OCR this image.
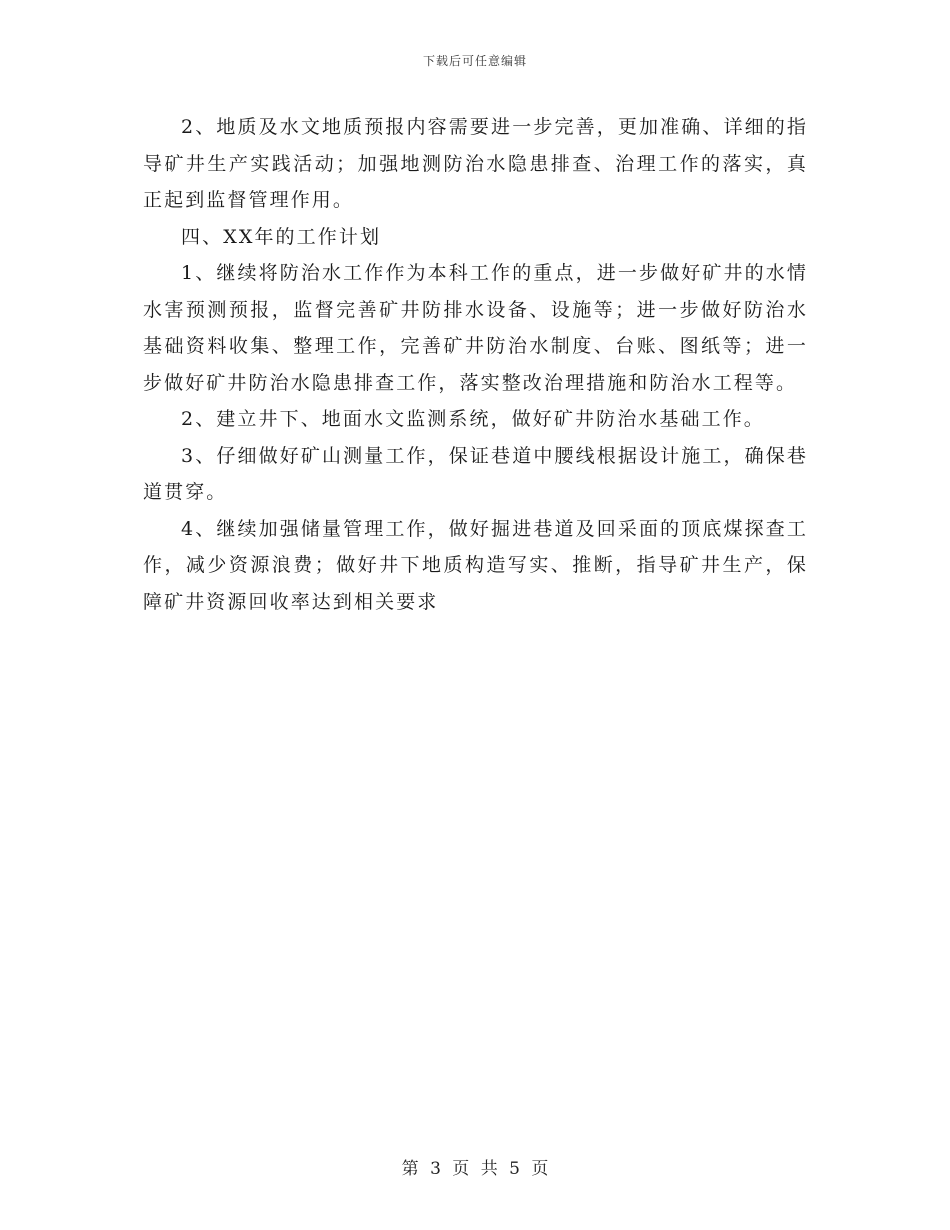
下载后可任意编辑

2、地质及水文地质预报内容需要进一步完善，更加准确、详细的指导矿井生产实践活动；加强地测防治水隐患排查、治理工作的落实，真正起到监督管理作用。

四、XX年的工作计划

1、继续将防治水工作作为本科工作的重点，进一步做好矿井的水情水害预测预报，监督完善矿井防排水设备、设施等；进一步做好防治水基础资料收集、整理工作，完善矿井防治水制度、台账、图纸等；进一步做好矿井防治水隐患排查工作，落实整改治理措施和防治水工程等。

2、建立井下、地面水文监测系统，做好矿井防治水基础工作。

3、仔细做好矿山测量工作，保证巷道中腰线根据设计施工，确保巷道贯穿。

4、继续加强储量管理工作，做好掘进巷道及回采面的顶底煤探查工作，减少资源浪费；做好井下地质构造写实、推断，指导矿井生产，保障矿井资源回收率达到相关要求

第 3 页 共 5 页
